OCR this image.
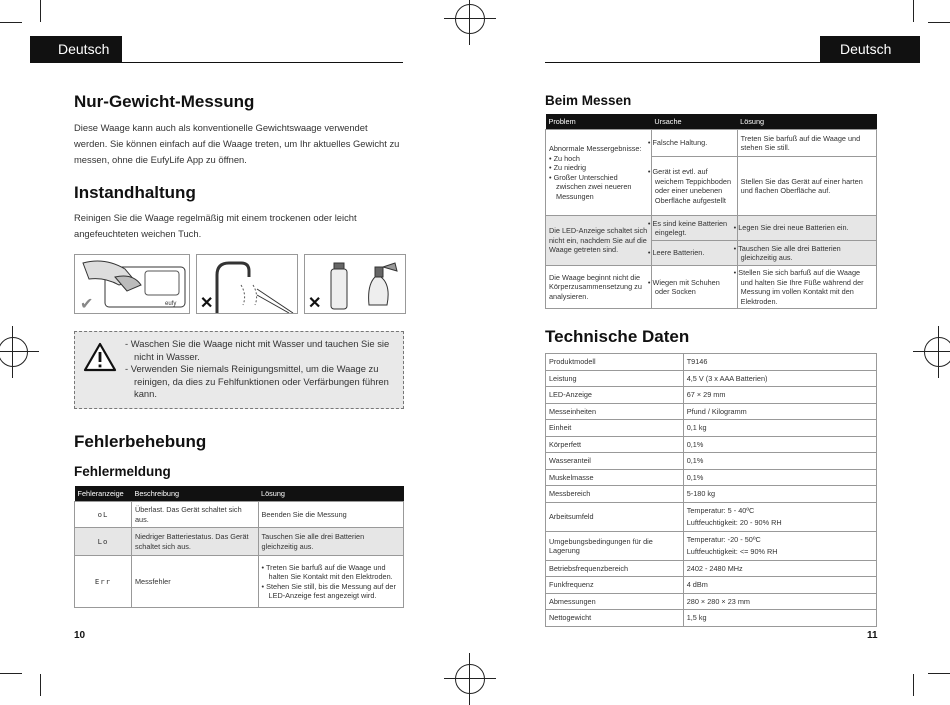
Deutsch
Nur-Gewicht-Messung
Diese Waage kann auch als konventionelle Gewichtswaage verwendet werden. Sie können einfach auf die Waage treten, um Ihr aktuelles Gewicht zu messen, ohne die EufyLife App zu öffnen.
Instandhaltung
Reinigen Sie die Waage regelmäßig mit einem trockenen oder leicht angefeuchteten weichen Tuch.
eufy
✔	✕	✕
- Waschen Sie die Waage nicht mit Wasser und tauchen Sie sie nicht in Wasser.
- Verwenden Sie niemals Reinigungsmittel, um die Waage zu reinigen, da dies zu Fehlfunktionen oder Verfärbungen führen kann.
Fehlerbehebung
Fehlermeldung
Fehleranzeige	Beschreibung	Lösung
oL	Überlast. Das Gerät schaltet sich aus.	Beenden Sie die Messung
Lo	Niedriger Batteriestatus. Das Gerät schaltet sich aus.	Tauschen Sie alle drei Batterien gleichzeitig aus.
Err	Messfehler	• Treten Sie barfuß auf die Waage und halten Sie Kontakt mit den Elektroden.
• Stehen Sie still, bis die Messung auf der LED-Anzeige fest angezeigt wird.
10
Deutsch
Beim Messen
Problem	Ursache	Lösung

Abnormale Messergebnisse:
• Zu hoch
• Zu niedrig
• Großer Unterschied zwischen zwei neueren Messungen	• Falsche Haltung.	Treten Sie barfuß auf die Waage und stehen Sie still.
	• Gerät ist evtl. auf weichem Teppichboden oder einer unebenen Oberfläche aufgestellt	Stellen Sie das Gerät auf einer harten und flachen Oberfläche auf.
Die LED-Anzeige schaltet sich nicht ein, nachdem Sie auf die Waage getreten sind.	• Es sind keine Batterien eingelegt.	• Legen Sie drei neue Batterien ein.
	• Leere Batterien.	• Tauschen Sie alle drei Batterien gleichzeitig aus.
Die Waage beginnt nicht die Körperzusammensetzung zu analysieren.	• Wiegen mit Schuhen oder Socken	• Stellen Sie sich barfuß auf die Waage und halten Sie Ihre Füße während der Messung im vollen Kontakt mit den Elektroden.
Technische Daten
Produktmodell	T9146

Leistung	4,5 V (3 x AAA Batterien)

LED-Anzeige	67 × 29 mm

Messeinheiten	Pfund / Kilogramm

Einheit	0,1 kg

Körperfett	0,1%

Wasseranteil	0,1%

Muskelmasse	0,1%

Messbereich	5-180 kg

Arbeitsumfeld	Temperatur: 5 - 40ºC
Luftfeuchtigkeit: 20 - 90% RH

Umgebungsbedingungen für die Lagerung	Temperatur: -20 - 50ºC
Luftfeuchtigkeit: <= 90% RH

Betriebsfrequenzbereich	2402 - 2480 MHz

Funkfrequenz	4 dBm

Abmessungen	280 × 280 × 23 mm

Nettogewicht	1,5 kg
11
